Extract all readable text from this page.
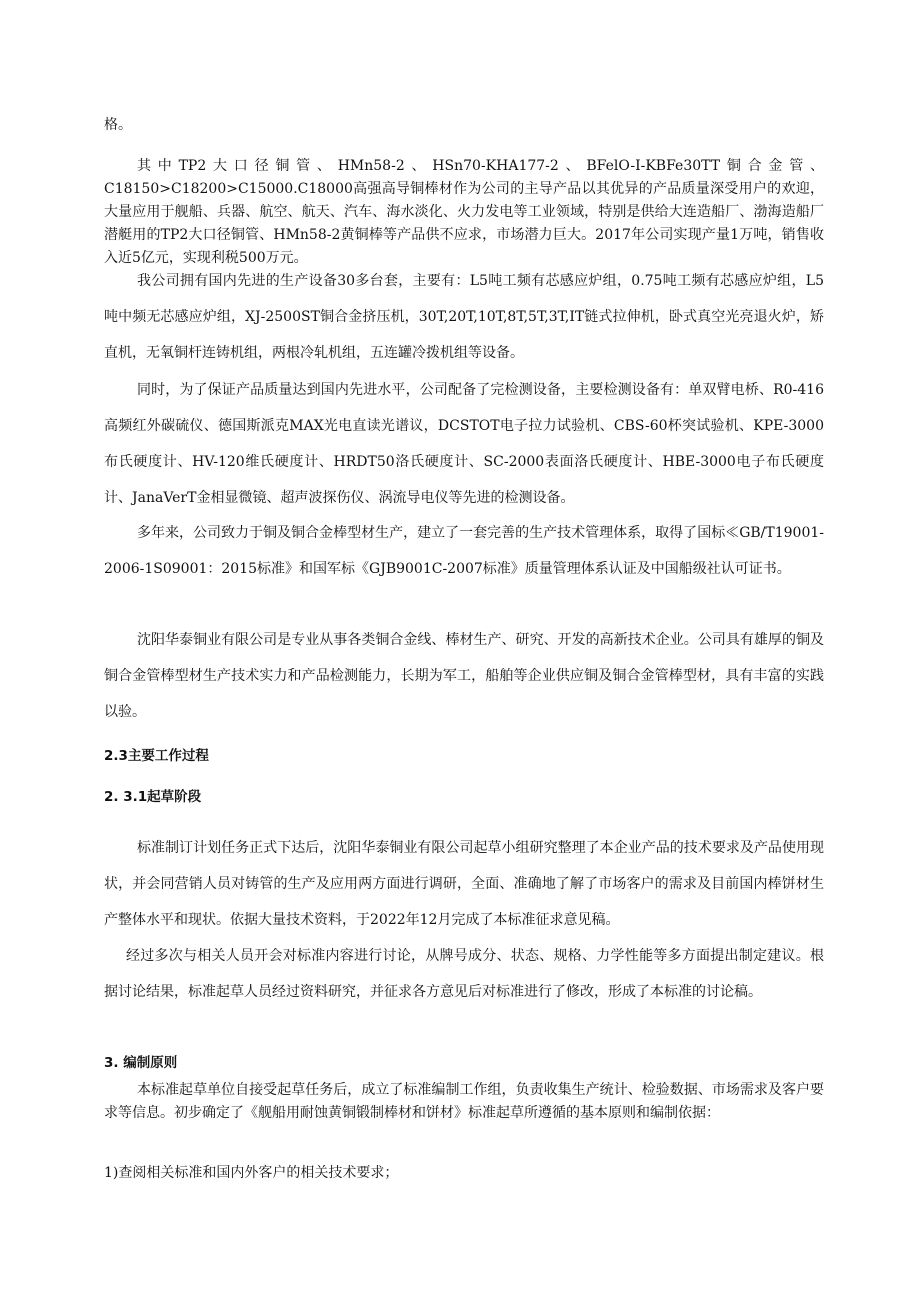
格。

其中TP2大口径铜管、HMn58-2、HSn70-KHA177-2、BFelO-I-KBFe30TT铜合金管、C18150>C18200>C15000.C18000高强高导铜棒材作为公司的主导产品以其优异的产品质量深受用户的欢迎，大量应用于舰船、兵器、航空、航天、汽车、海水淡化、火力发电等工业领域，特别是供给大连造船厂、渤海造船厂潜艇用的TP2大口径铜管、HMn58-2黄铜棒等产品供不应求，市场潜力巨大。2017年公司实现产量1万吨，销售收入近5亿元，实现利税500万元。

我公司拥有国内先进的生产设备30多台套，主要有：L5吨工频有芯感应炉组，0.75吨工频有芯感应炉组，L5吨中频无芯感应炉组，XJ-2500ST铜合金挤压机，30T,20T,10T,8T,5T,3T,IT链式拉伸机，卧式真空光亮退火炉，矫直机，无氧铜杆连铸机组，两根冷轧机组，五连罐冷拨机组等设备。

同时，为了保证产品质量达到国内先进水平，公司配备了完检测设备，主要检测设备有：单双臂电桥、R0-416高频红外碳硫仪、德国斯派克MAX光电直读光谱议，DCSTOT电子拉力试验机、CBS-60杯突试验机、KPE-3000布氏硬度计、HV-120维氏硬度计、HRDT50洛氏硬度计、SC-2000表面洛氏硬度计、HBE-3000电子布氏硬度计、JanaVerT金相显微镜、超声波探伤仪、涡流导电仪等先进的检测设备。

多年来，公司致力于铜及铜合金棒型材生产，建立了一套完善的生产技术管理体系，取得了国标≪GB/T19001-2006-1S09001：2015标准》和国军标《GJB9001C-2007标准》质量管理体系认证及中国船级社认可证书。

沈阳华泰铜业有限公司是专业从事各类铜合金线、棒材生产、研究、开发的高新技术企业。公司具有雄厚的铜及铜合金管棒型材生产技术实力和产品检测能力，长期为军工，船舶等企业供应铜及铜合金管棒型材，具有丰富的实践以验。

2.3主要工作过程
2. 3.1起草阶段

标准制订计划任务正式下达后，沈阳华泰铜业有限公司起草小组研究整理了本企业产品的技术要求及产品使用现状，并会同营销人员对铸管的生产及应用两方面进行调研，全面、准确地了解了市场客户的需求及目前国内棒饼材生产整体水平和现状。依据大量技术资料，于2022年12月完成了本标准征求意见稿。

经过多次与相关人员开会对标准内容进行讨论，从牌号成分、状态、规格、力学性能等多方面提出制定建议。根据讨论结果，标准起草人员经过资料研究，并征求各方意见后对标准进行了修改，形成了本标准的讨论稿。

3. 编制原则

本标准起草单位自接受起草任务后，成立了标准编制工作组，负责收集生产统计、检验数据、市场需求及客户要求等信息。初步确定了《舰船用耐蚀黄铜锻制棒材和饼材》标准起草所遵循的基本原则和编制依据：

1)查阅相关标准和国内外客户的相关技术要求；
